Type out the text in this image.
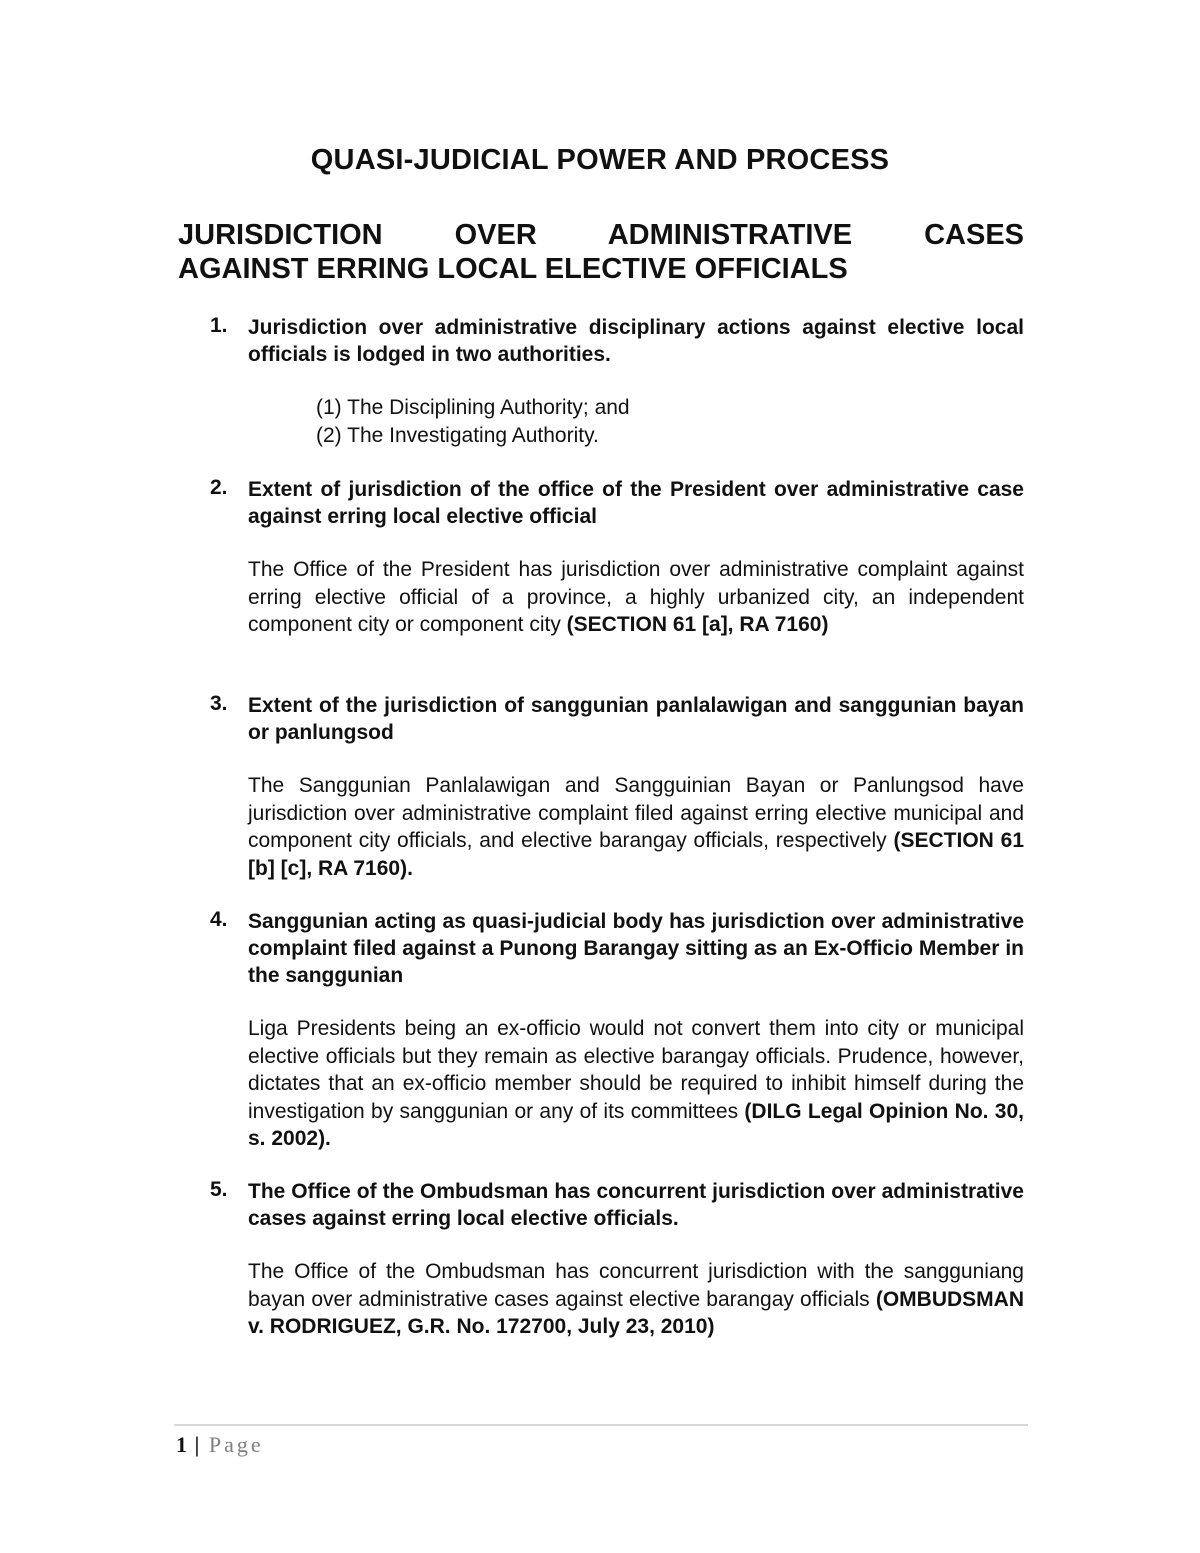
QUASI-JUDICIAL POWER AND PROCESS
JURISDICTION OVER ADMINISTRATIVE CASES
AGAINST ERRING LOCAL ELECTIVE OFFICIALS
1. Jurisdiction over administrative disciplinary actions against elective local officials is lodged in two authorities.
(1) The Disciplining Authority; and
(2) The Investigating Authority.
2. Extent of jurisdiction of the office of the President over administrative case against erring local elective official
The Office of the President has jurisdiction over administrative complaint against erring elective official of a province, a highly urbanized city, an independent component city or component city (SECTION 61 [a], RA 7160)
3. Extent of the jurisdiction of sanggunian panlalawigan and sanggunian bayan or panlungsod
The Sanggunian Panlalawigan and Sangguinian Bayan or Panlungsod have jurisdiction over administrative complaint filed against erring elective municipal and component city officials, and elective barangay officials, respectively (SECTION 61 [b] [c], RA 7160).
4. Sanggunian acting as quasi-judicial body has jurisdiction over administrative complaint filed against a Punong Barangay sitting as an Ex-Officio Member in the sanggunian
Liga Presidents being an ex-officio would not convert them into city or municipal elective officials but they remain as elective barangay officials. Prudence, however, dictates that an ex-officio member should be required to inhibit himself during the investigation by sanggunian or any of its committees (DILG Legal Opinion No. 30, s. 2002).
5. The Office of the Ombudsman has concurrent jurisdiction over administrative cases against erring local elective officials.
The Office of the Ombudsman has concurrent jurisdiction with the sangguniang bayan over administrative cases against elective barangay officials (OMBUDSMAN v. RODRIGUEZ, G.R. No. 172700, July 23, 2010)
1 | Page
